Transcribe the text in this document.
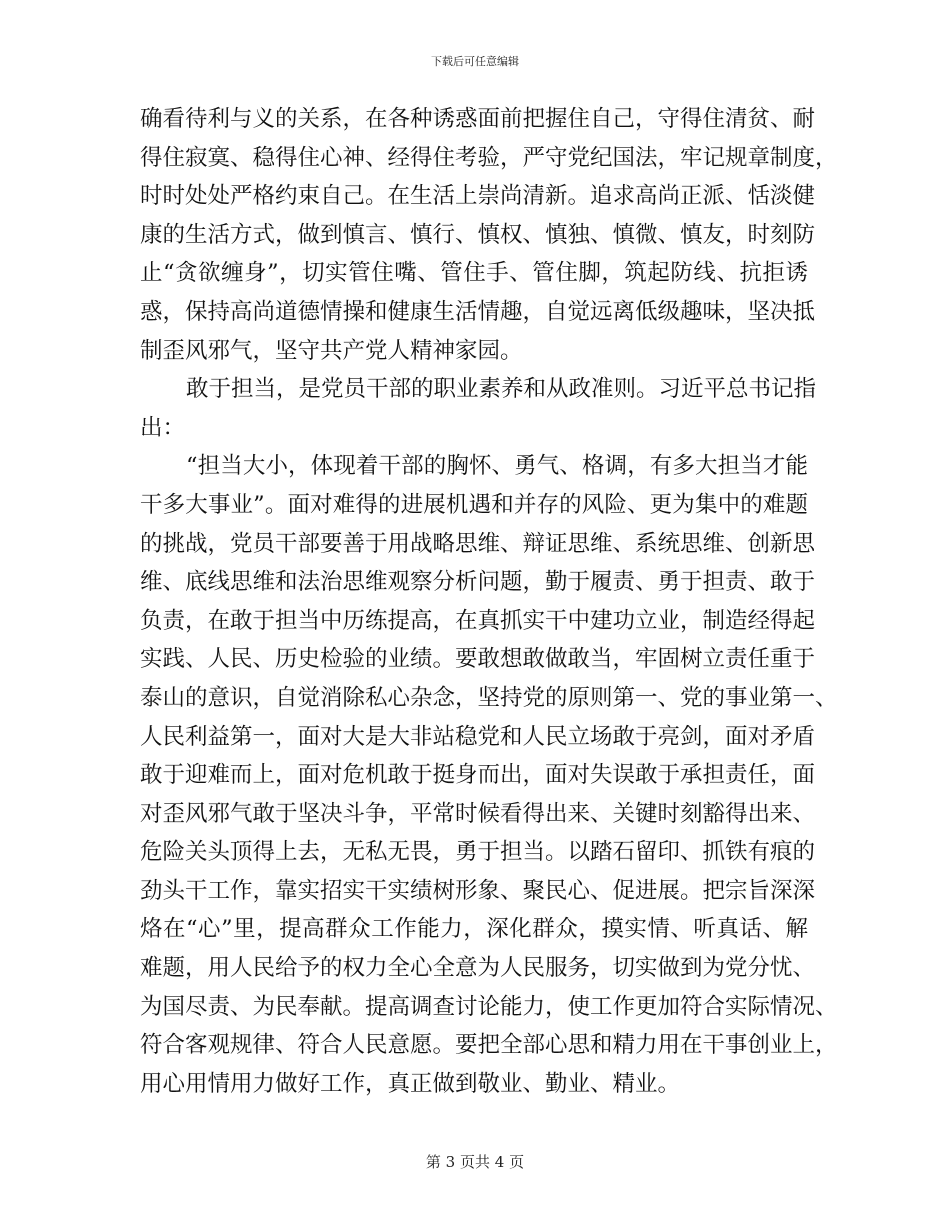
下载后可任意编辑
确看待利与义的关系，在各种诱惑面前把握住自己，守得住清贫、耐
得住寂寞、稳得住心神、经得住考验，严守党纪国法，牢记规章制度，
时时处处严格约束自己。在生活上崇尚清新。追求高尚正派、恬淡健
康的生活方式，做到慎言、慎行、慎权、慎独、慎微、慎友，时刻防
止“贪欲缠身”，切实管住嘴、管住手、管住脚，筑起防线、抗拒诱
惑，保持高尚道德情操和健康生活情趣，自觉远离低级趣味，坚决抵
制歪风邪气，坚守共产党人精神家园。
敢于担当，是党员干部的职业素养和从政准则。习近平总书记指
出：
“担当大小，体现着干部的胸怀、勇气、格调，有多大担当才能
干多大事业”。面对难得的进展机遇和并存的风险、更为集中的难题
的挑战，党员干部要善于用战略思维、辩证思维、系统思维、创新思
维、底线思维和法治思维观察分析问题，勤于履责、勇于担责、敢于
负责，在敢于担当中历练提高，在真抓实干中建功立业，制造经得起
实践、人民、历史检验的业绩。要敢想敢做敢当，牢固树立责任重于
泰山的意识，自觉消除私心杂念，坚持党的原则第一、党的事业第一、
人民利益第一，面对大是大非站稳党和人民立场敢于亮剑，面对矛盾
敢于迎难而上，面对危机敢于挺身而出，面对失误敢于承担责任，面
对歪风邪气敢于坚决斗争，平常时候看得出来、关键时刻豁得出来、
危险关头顶得上去，无私无畏，勇于担当。以踏石留印、抓铁有痕的
劲头干工作，靠实招实干实绩树形象、聚民心、促进展。把宗旨深深
烙在“心”里，提高群众工作能力，深化群众，摸实情、听真话、解
难题，用人民给予的权力全心全意为人民服务，切实做到为党分忧、
为国尽责、为民奉献。提高调查讨论能力，使工作更加符合实际情况、
符合客观规律、符合人民意愿。要把全部心思和精力用在干事创业上，
用心用情用力做好工作，真正做到敬业、勤业、精业。
第 3 页共 4 页
